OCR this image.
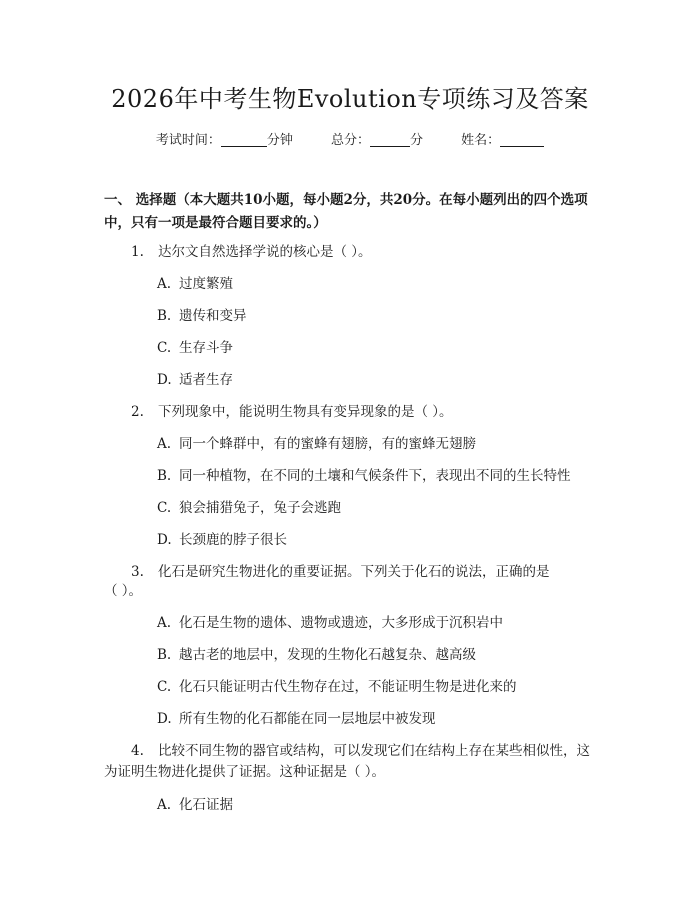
2026年中考生物Evolution专项练习及答案
考试时间：	分钟	总分：	分	姓名：

一、 选择题（本大题共10小题，每小题2分，共20分。在每小题列出的四个选项中，只有一项是最符合题目要求的。）

1. 达尔文自然选择学说的核心是（ ）。
A. 过度繁殖
B. 遗传和变异
C. 生存斗争
D. 适者生存
2. 下列现象中，能说明生物具有变异现象的是（ ）。
A. 同一个蜂群中，有的蜜蜂有翅膀，有的蜜蜂无翅膀
B. 同一种植物，在不同的土壤和气候条件下，表现出不同的生长特性
C. 狼会捕猎兔子，兔子会逃跑
D. 长颈鹿的脖子很长
3. 化石是研究生物进化的重要证据。下列关于化石的说法，正确的是
（ ）。
A. 化石是生物的遗体、遗物或遗迹，大多形成于沉积岩中
B. 越古老的地层中，发现的生物化石越复杂、越高级
C. 化石只能证明古代生物存在过，不能证明生物是进化来的
D. 所有生物的化石都能在同一层地层中被发现
4. 比较不同生物的器官或结构，可以发现它们在结构上存在某些相似性，这
为证明生物进化提供了证据。这种证据是（ ）。
A. 化石证据
